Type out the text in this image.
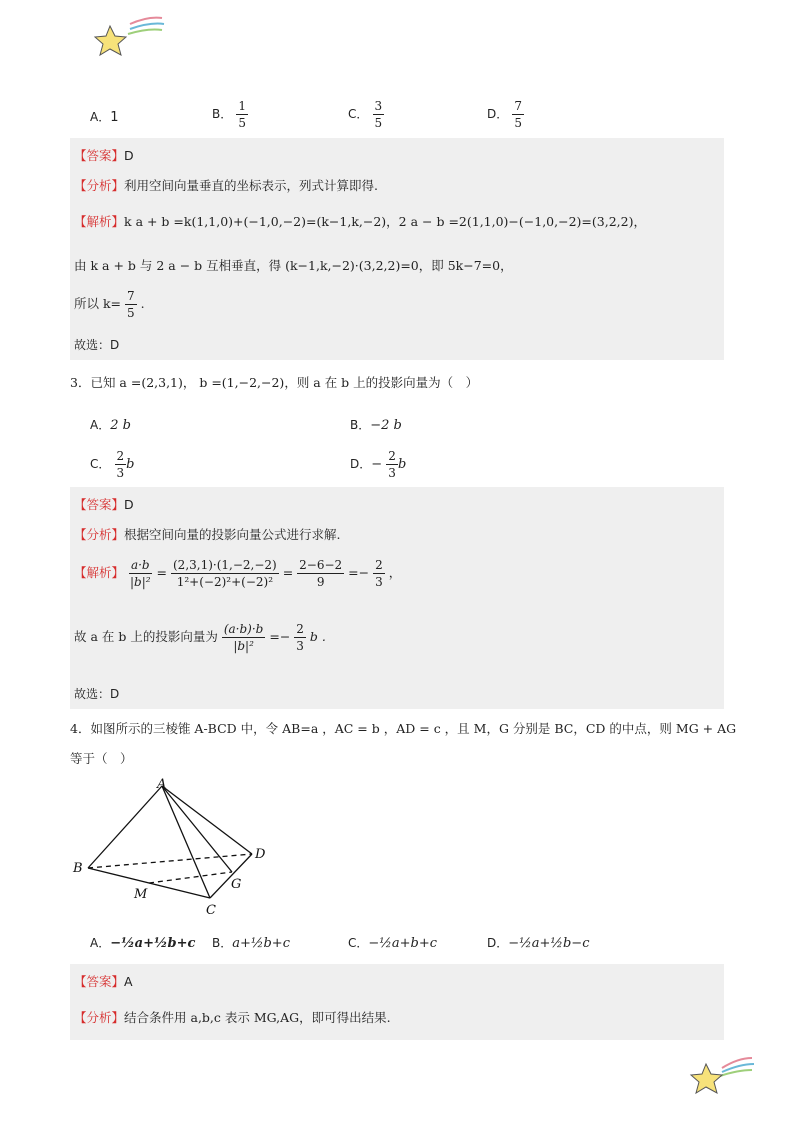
A．1	B． $\frac{1}{5}$	C． $\frac{3}{5}$	D． $\frac{7}{5}$
【答案】D
【分析】利用空间向量垂直的坐标表示，列式计算即得.
【解析】k a + b =k(1,1,0)+(−1,0,−2)=(k−1,k,−2)，2 a − b =2(1,1,0)−(−1,0,−2)=(3,2,2)，
由 k a + b 与 2 a − b 互相垂直，得 (k−1,k,−2)·(3,2,2)=0，即 5k−7=0，
所以 $k= \frac{7}{5}$ .
故选：D
3．已知 a =(2,3,1)， b =(1,−2,−2)，则 a 在 b 上的投影向量为（　）
A．2 b	B．−2 b
C． $\frac{2}{3}$ b	D．− $\frac{2}{3}$ b
【答案】D
【分析】根据空间向量的投影向量公式进行求解.
【解析】 $\frac{a\cdot b}{\text{|b|²}} = \frac{(2,3,1)\cdot(1,-2,-2)}{\text{1²+(−2)²+(−2)²}} = \frac{2-6-2}{9} =- \frac{2}{3}$ ，
故 a 在 b 上的投影向量为 $\frac{(a\cdot b)\cdot b}{\text{|b|²}} =- \frac{2}{3}$ b .
故选：D
4．如图所示的三棱锥 A-BCD 中，令 AB=a ，AC = b ，AD = c ，且 M，G 分别是 BC，CD 的中点，则 MG + AG
等于（　）
A
B
C
D
M
G
A．−½a+½b+c B．a+½b+c	C．−½a+b+c	D．−½a+½b−c
【答案】A
【分析】结合条件用 a,b,c 表示 MG,AG，即可得出结果.
